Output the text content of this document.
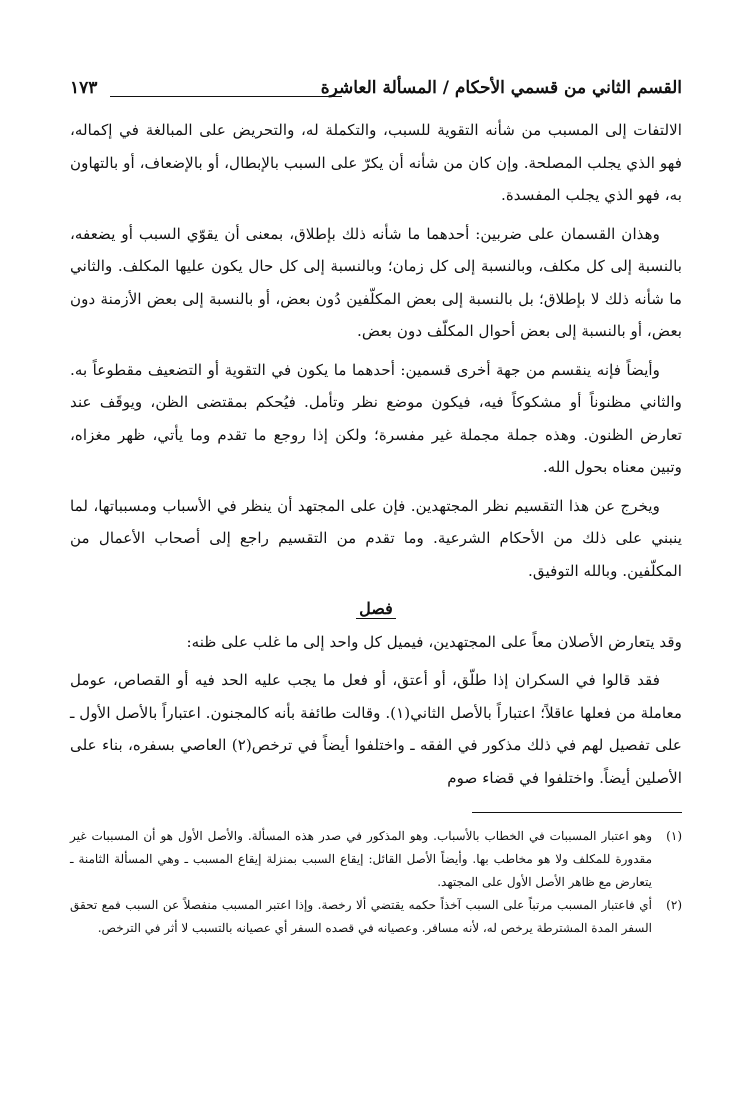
القسم الثاني من قسمي الأحكام / المسألة العاشرة
١٧٣

الالتفات إلى المسبب من شأنه التقوية للسبب، والتكملة له، والتحريض على المبالغة في إكماله، فهو الذي يجلب المصلحة. وإن كان من شأنه أن يكرّ على السبب بالإبطال، أو بالإضعاف، أو بالتهاون به، فهو الذي يجلب المفسدة.

وهذان القسمان على ضربين: أحدهما ما شأنه ذلك بإطلاق، بمعنى أن يقوّي السبب أو يضعفه، بالنسبة إلى كل مكلف، وبالنسبة إلى كل زمان؛ وبالنسبة إلى كل حال يكون عليها المكلف. والثاني ما شأنه ذلك لا بإطلاق؛ بل بالنسبة إلى بعض المكلّفين دُون بعض، أو بالنسبة إلى بعض الأزمنة دون بعض، أو بالنسبة إلى بعض أحوال المكلّف دون بعض.

وأيضاً فإنه ينقسم من جهة أخرى قسمين: أحدهما ما يكون في التقوية أو التضعيف مقطوعاً به. والثاني مظنوناً أو مشكوكاً فيه، فيكون موضع نظر وتأمل. فيُحكم بمقتضى الظن، ويوقَف عند تعارض الظنون. وهذه جملة مجملة غير مفسرة؛ ولكن إذا روجع ما تقدم وما يأتي، ظهر مغزاه، وتبين معناه بحول الله.

ويخرج عن هذا التقسيم نظر المجتهدين. فإن على المجتهد أن ينظر في الأسباب ومسبباتها، لما ينبني على ذلك من الأحكام الشرعية. وما تقدم من التقسيم راجع إلى أصحاب الأعمال من المكلّفين. وبالله التوفيق.

فصل

وقد يتعارض الأصلان معاً على المجتهدين، فيميل كل واحد إلى ما غلب على ظنه:

فقد قالوا في السكران إذا طلّق، أو أعتق، أو فعل ما يجب عليه الحد فيه أو القصاص، عومل معاملة من فعلها عاقلاً؛ اعتباراً بالأصل الثاني(١). وقالت طائفة بأنه كالمجنون. اعتباراً بالأصل الأول ـ على تفصيل لهم في ذلك مذكور في الفقه ـ واختلفوا أيضاً في ترخص(٢) العاصي بسفره، بناء على الأصلين أيضاً. واختلفوا في قضاء صوم

(١)
وهو اعتبار المسببات في الخطاب بالأسباب. وهو المذكور في صدر هذه المسألة. والأصل الأول هو أن المسببات غير مقدورة للمكلف ولا هو مخاطب بها. وأيضاً الأصل القائل: إيقاع السبب بمنزلة إيقاع المسبب ـ وهي المسألة الثامنة ـ يتعارض مع ظاهر الأصل الأول على المجتهد.
(٢)
أي فاعتبار المسبب مرتباً على السبب آخذاً حكمه يقتضي ألا رخصة. وإذا اعتبر المسبب منفصلاً عن السبب فمع تحقق السفر المدة المشترطة يرخص له، لأنه مسافر. وعصيانه في قصده السفر أي عصيانه بالتسبب لا أثر في الترخص.
